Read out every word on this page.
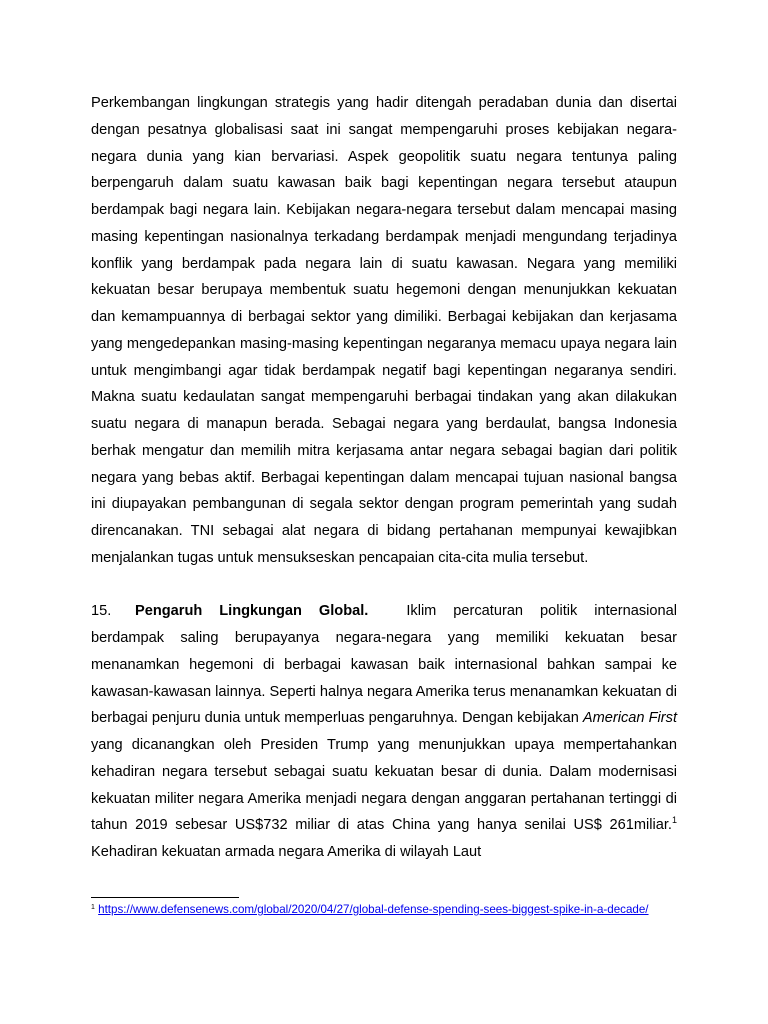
Perkembangan lingkungan strategis yang hadir ditengah peradaban dunia dan disertai dengan pesatnya globalisasi saat ini sangat mempengaruhi proses kebijakan negara-negara dunia yang kian bervariasi. Aspek geopolitik suatu negara tentunya paling berpengaruh dalam suatu kawasan baik bagi kepentingan negara tersebut ataupun berdampak bagi negara lain. Kebijakan negara-negara tersebut dalam mencapai masing masing kepentingan nasionalnya terkadang berdampak menjadi mengundang terjadinya konflik yang berdampak pada negara lain di suatu kawasan. Negara yang memiliki kekuatan besar berupaya membentuk suatu hegemoni dengan menunjukkan kekuatan dan kemampuannya di berbagai sektor yang dimiliki. Berbagai kebijakan dan kerjasama yang mengedepankan masing-masing kepentingan negaranya memacu upaya negara lain untuk mengimbangi agar tidak berdampak negatif bagi kepentingan negaranya sendiri. Makna suatu kedaulatan sangat mempengaruhi berbagai tindakan yang akan dilakukan suatu negara di manapun berada. Sebagai negara yang berdaulat, bangsa Indonesia berhak mengatur dan memilih mitra kerjasama antar negara sebagai bagian dari politik negara yang bebas aktif. Berbagai kepentingan dalam mencapai tujuan nasional bangsa ini diupayakan pembangunan di segala sektor dengan program pemerintah yang sudah direncanakan. TNI sebagai alat negara di bidang pertahanan mempunyai kewajibkan menjalankan tugas untuk mensukseskan pencapaian cita-cita mulia tersebut.

15. Pengaruh Lingkungan Global.	Iklim percaturan politik internasional berdampak saling berupayanya negara-negara yang memiliki kekuatan besar menanamkan hegemoni di berbagai kawasan baik internasional bahkan sampai ke kawasan-kawasan lainnya. Seperti halnya negara Amerika terus menanamkan kekuatan di berbagai penjuru dunia untuk memperluas pengaruhnya. Dengan kebijakan American First yang dicanangkan oleh Presiden Trump yang menunjukkan upaya mempertahankan kehadiran negara tersebut sebagai suatu kekuatan besar di dunia. Dalam modernisasi kekuatan militer negara Amerika menjadi negara dengan anggaran pertahanan tertinggi di tahun 2019 sebesar US$732 miliar di atas China yang hanya senilai US$ 261miliar.$^1$ Kehadiran kekuatan armada negara Amerika di wilayah Laut

$^1$ https://www.defensenews.com/global/2020/04/27/global-defense-spending-sees-biggest-spike-in-a-decade/
